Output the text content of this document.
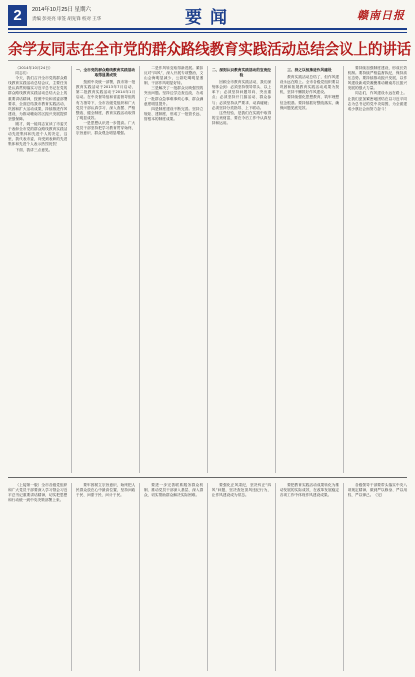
2	2014年10月25日 星期六
责编 彭亮亮 审签 胡先锋 校对 王华	要闻	赣南日报
余学友同志在全市党的群众路线教育实践活动总结会议上的讲话

（2014年10月24日）

同志们：

今天，我们召开全市党的群众路线教育实践活动总结会议，主要任务是认真贯彻落实习近平总书记在党的群众路线教育实践活动总结大会上的重要讲话精神，按照中央和省委部署要求，全面总结我市教育实践活动，巩固和扩大活动成果，持续推进作风建设，为推动赣南苏区振兴发展提供坚强保障。

刚才，姚一能同志宣读了市委关于表彰全市党的群众路线教育实践活动先进集体和先进个人的决定，这里，我代表市委，向受到表彰的先进集体和先进个人表示热烈祝贺！

下面，我讲三点意见。

一、全市党的群众路线教育实践活动取得显著成效

按照中央统一部署，我市第一批教育实践活动于2013年7月启动，第二批教育实践活动于2014年1月启动。在中央督导组和省委督导组的有力指导下，全市各级党组织和广大党员干部认真学习、深入查摆、严格整改、健全制度，教育实践活动取得了明显成效。

一是思想认识进一步提高。广大党员干部坚持把学习教育贯穿始终，宗旨意识、群众观念明显增强。

二是作风转变取得新进展。紧扣反对“四风”，深入开展专项整治，文山会海明显减少，公款吃喝明显遏制，干部作风明显好转。

三是解决了一批群众反映强烈的突出问题。坚持边学边查边改，办成了一批群众急事难事烦心事，群众满意度明显提升。

四是制度建设不断完善。坚持立规矩、建制度，形成了一批管长远、管根本的制度成果。

二、深刻认识教育实践活动的宝贵经验

回顾全市教育实践活动，我们深刻体会到：必须坚持领导带头、以上率下；必须坚持问题导向、突出重点；必须坚持开门搞活动、群众参与；必须坚持从严要求、动真碰硬；必须坚持分类指导、上下联动。

这些经验，是我们在实践中取得的宝贵财富，要在今后工作中认真坚持和运用。

三、持之以恒推进作风建设

教育实践活动总结了，但作风建设永远在路上。全市各级党组织要以巩固和拓展教育实践活动成果为契机，坚持不懈抓好作风建设。

要持续强化思想教育，筑牢理想信念根基。要持续抓好整改落实，确保问题见底见效。

要持续加强制度建设，形成长效机制。要持续严格监督执纪，保持高压态势。要持续推动振兴发展，以作风建设新成效凝聚推动赣南苏区振兴发展的强大力量。

同志们，作风建设永远在路上。让我们更加紧密地团结在以习近平同志为总书记的党中央周围，为全面建成小康社会而努力奋斗！

（上接第一版）全市各级党组织和广大党员干部要深入学习领会习近平总书记重要讲话精神，切实把思想和行动统一到中央决策部署上来。

要牢固树立宗旨意识，始终把人民群众放在心中最高位置，坚持问政于民、问需于民、问计于民。

要进一步完善联系服务群众机制，推动党员干部深入基层、深入群众，切实帮助群众解决实际困难。

要强化正风肃纪，坚决纠正“四风”问题，坚决查处顶风违纪行为，让作风建设成为常态。

要把教育实践活动成果转化为推动发展的实际成效，在改革发展稳定各项工作中体现作风建设成果。

各级领导干部要带头落实中央八项规定精神，做到严以修身、严以用权、严以律己。（完）
